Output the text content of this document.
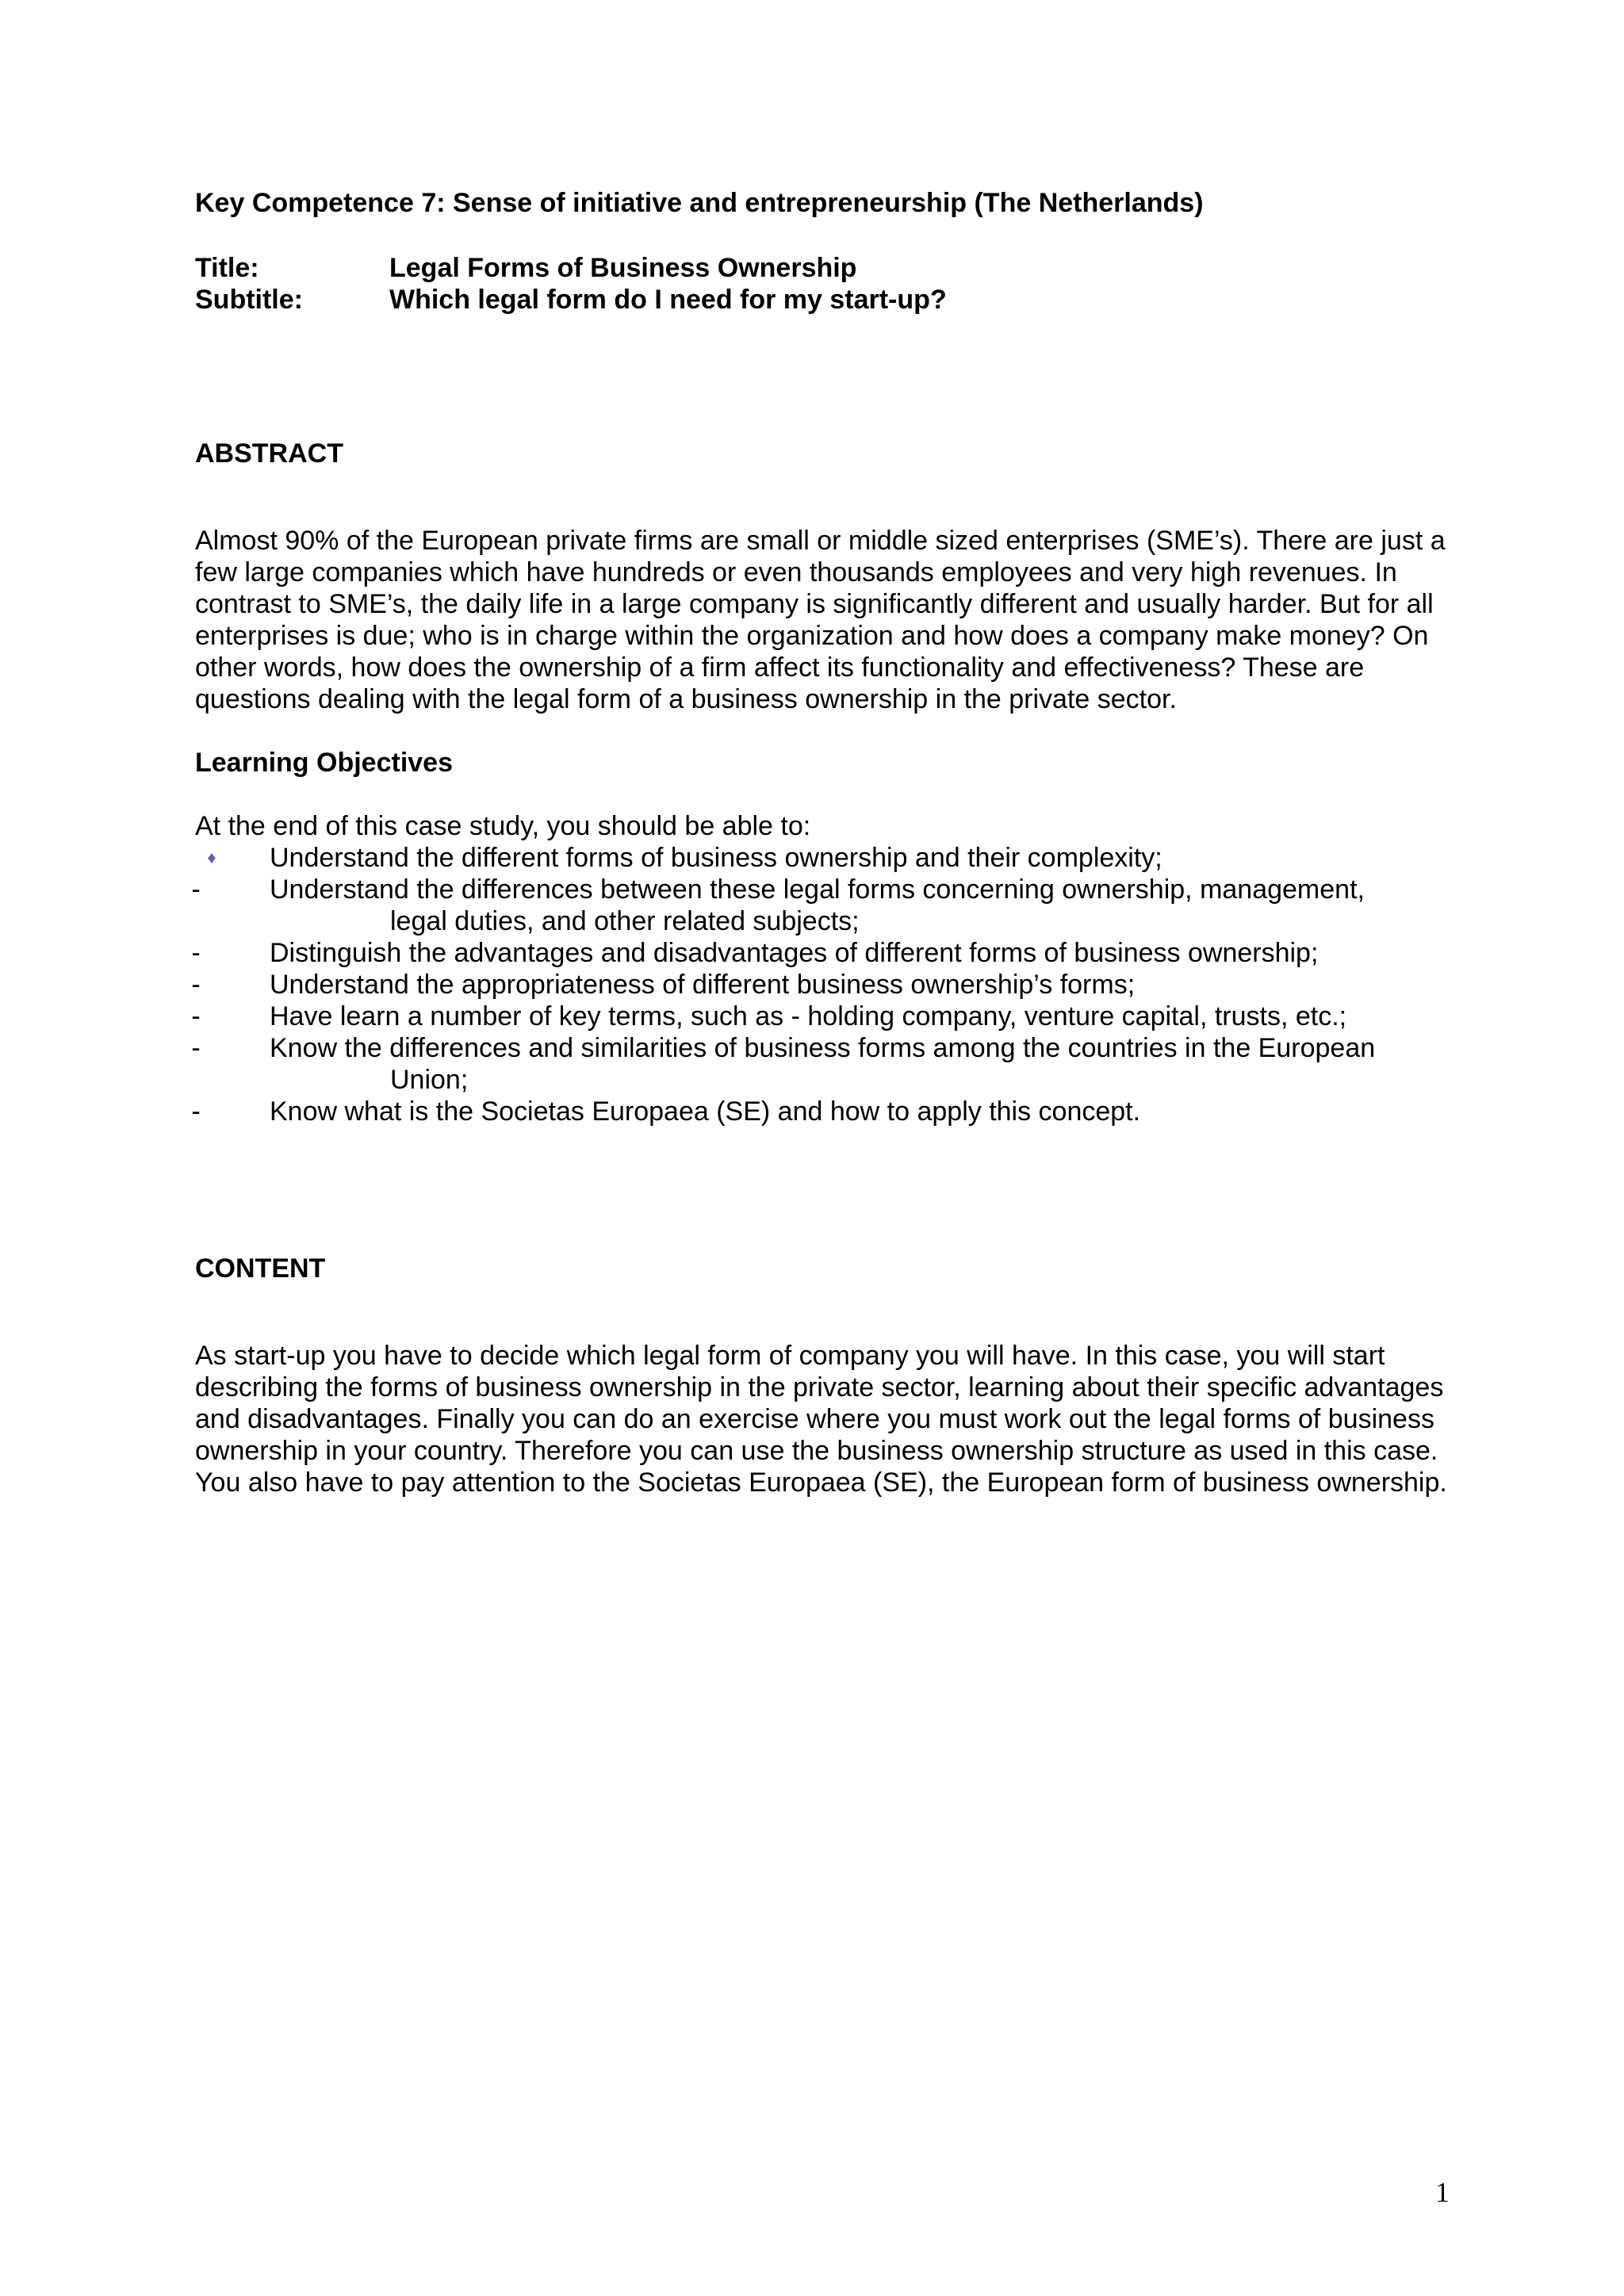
Key Competence 7: Sense of initiative and entrepreneurship (The Netherlands)

Title:	Legal Forms of Business Ownership
Subtitle:	Which legal form do I need for my start-up?
ABSTRACT

Almost 90% of the European private firms are small or middle sized enterprises (SME’s). There are just a few large companies which have hundreds or even thousands employees and very high revenues. In contrast to SME’s, the daily life in a large company is significantly different and usually harder. But for all enterprises is due; who is in charge within the organization and how does a company make money? On other words, how does the ownership of a firm affect its functionality and effectiveness? These are questions dealing with the legal form of a business ownership in the private sector.

Learning Objectives

At the end of this case study, you should be able to:

♦ Understand the different forms of business ownership and their complexity;
-	Understand the differences between these legal forms concerning ownership, management,
legal duties, and other related subjects;
-	Distinguish the advantages and disadvantages of different forms of business ownership;
-	Understand the appropriateness of different business ownership’s forms;
-	Have learn a number of key terms, such as - holding company, venture capital, trusts, etc.;
-	Know the differences and similarities of business forms among the countries in the European
Union;
-	Know what is the Societas Europaea (SE) and how to apply this concept.
CONTENT

As start-up you have to decide which legal form of company you will have. In this case, you will start describing the forms of business ownership in the private sector, learning about their specific advantages and disadvantages. Finally you can do an exercise where you must work out the legal forms of business ownership in your country. Therefore you can use the business ownership structure as used in this case. You also have to pay attention to the Societas Europaea (SE), the European form of business ownership.

1
